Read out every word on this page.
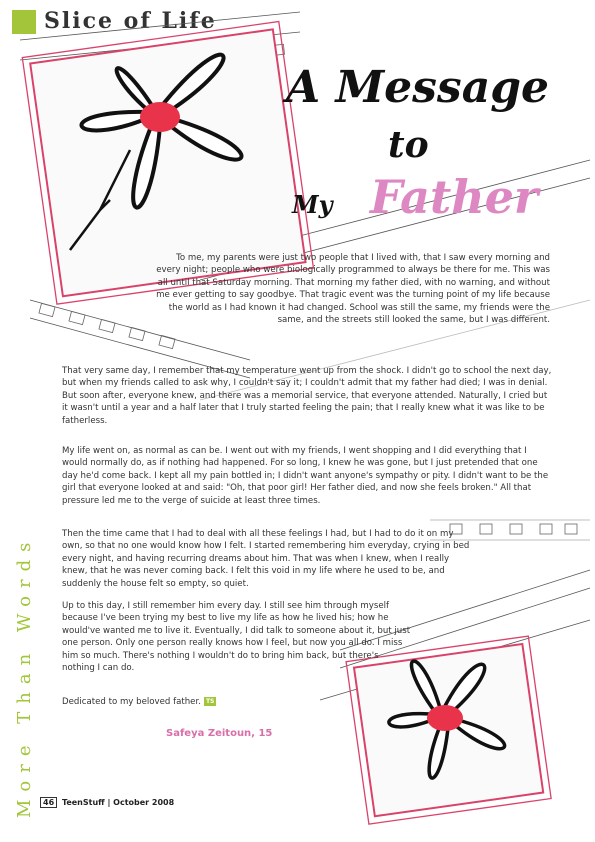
Slice of Life
A Message
to
My Father
To me, my parents were just two people that I lived with, that I saw every morning and every night; people who were biologically programmed to always be there for me. This was all until that Saturday morning. That morning my father died, with no warning, and without me ever getting to say goodbye. That tragic event was the turning point of my life because the world as I had known it had changed. School was still the same, my friends were the same, and the streets still looked the same, but I was different.
That very same day, I remember that my temperature went up from the shock. I didn't go to school the next day, but when my friends called to ask why, I couldn't say it; I couldn't admit that my father had died; I was in denial. But soon after, everyone knew, and there was a memorial service, that everyone attended. Naturally, I cried but it wasn't until a year and a half later that I truly started feeling the pain; that I really knew what it was like to be fatherless.
My life went on, as normal as can be. I went out with my friends, I went shopping and I did everything that I would normally do, as if nothing had happened. For so long, I knew he was gone, but I just pretended that one day he'd come back. I kept all my pain bottled in; I didn't want anyone's sympathy or pity. I didn't want to be the girl that everyone looked at and said: "Oh, that poor girl! Her father died, and now she feels broken." All that pressure led me to the verge of suicide at least three times.
Then the time came that I had to deal with all these feelings I had, but I had to do it on my own, so that no one would know how I felt. I started remembering him everyday, crying in bed every night, and having recurring dreams about him. That was when I knew, when I really knew, that he was never coming back. I felt this void in my life where he used to be, and suddenly the house felt so empty, so quiet.
Up to this day, I still remember him every day. I still see him through myself because I've been trying my best to live my life as how he lived his; how he would've wanted me to live it. Eventually, I did talk to someone about it, but just one person. Only one person really knows how I feel, but now you all do. I miss him so much. There's nothing I wouldn't do to bring him back, but there's nothing I can do.
Dedicated to my beloved father. TS
Safeya Zeitoun, 15
More Than Words	46 TeenStuff | October 2008
